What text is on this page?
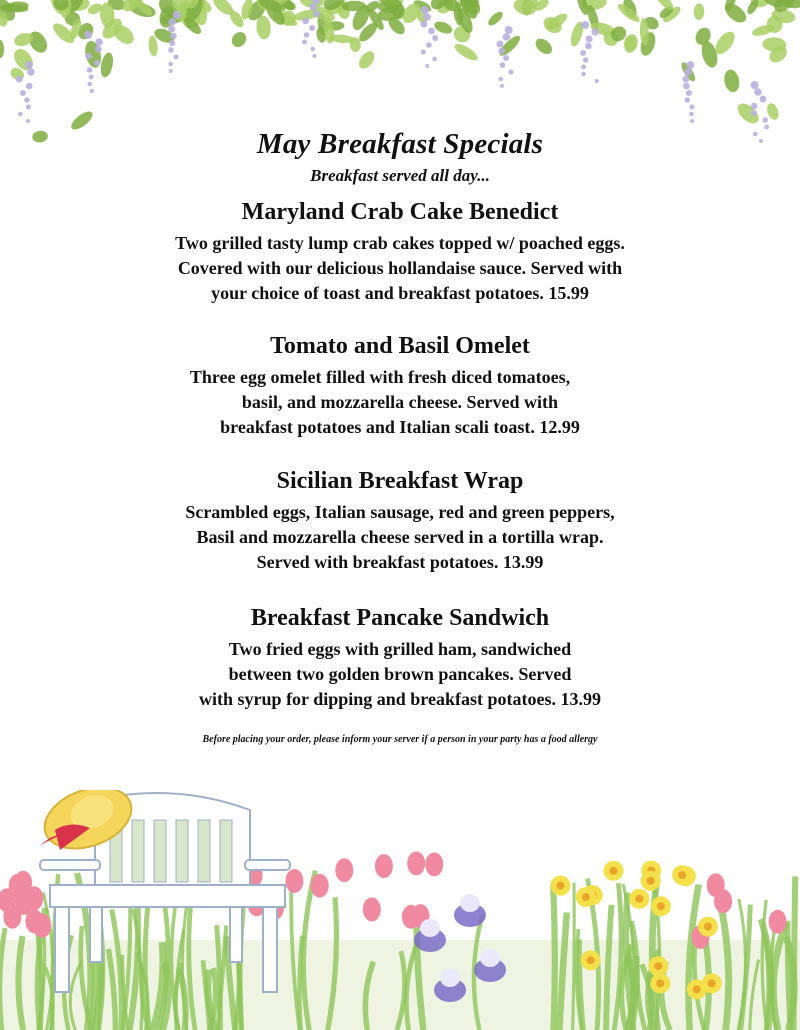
May Breakfast Specials

Breakfast served all day...

Maryland Crab Cake Benedict

Two grilled tasty lump crab cakes topped w/ poached eggs.
Covered with our delicious hollandaise sauce. Served with
your choice of toast and breakfast potatoes. 15.99

Tomato and Basil Omelet

Three egg omelet filled with fresh diced tomatoes,
basil, and mozzarella cheese. Served with
breakfast potatoes and Italian scali toast. 12.99

Sicilian Breakfast Wrap

Scrambled eggs, Italian sausage, red and green peppers,
Basil and mozzarella cheese served in a tortilla wrap.
Served with breakfast potatoes. 13.99

Breakfast Pancake Sandwich

Two fried eggs with grilled ham, sandwiched
between two golden brown pancakes. Served
with syrup for dipping and breakfast potatoes. 13.99

Before placing your order, please inform your server if a person in your party has a food allergy
